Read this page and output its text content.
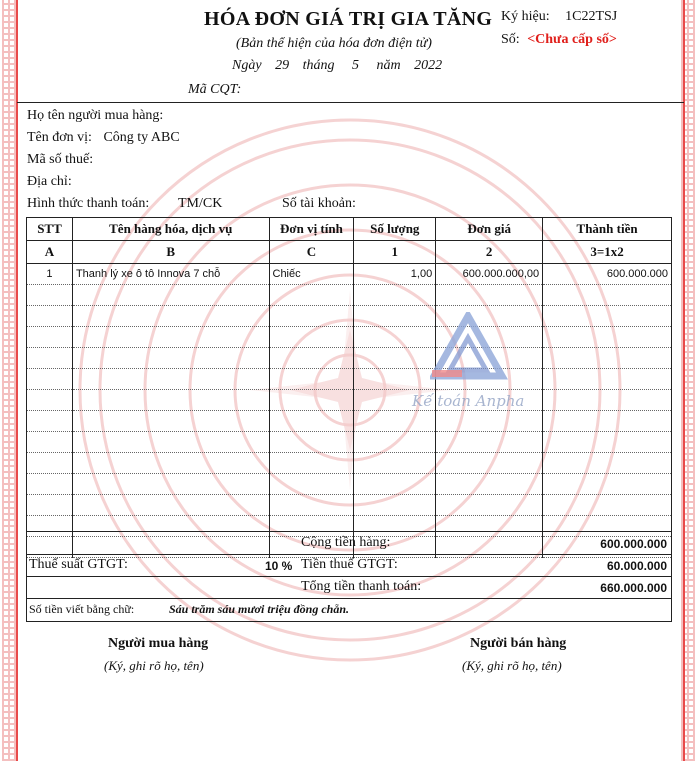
HÓA ĐƠN GIÁ TRỊ GIA TĂNG
(Bản thể hiện của hóa đơn điện tử)
Ngày 29 tháng 5 năm 2022
Mã CQT:
Ký hiệu: 1C22TSJ
Số: <Chưa cấp số>
Họ tên người mua hàng:
Tên đơn vị: Công ty ABC
Mã số thuế:
Địa chỉ:
Hình thức thanh toán: TM/CK	Số tài khoản:
STT	Tên hàng hóa, dịch vụ	Đơn vị tính	Số lượng	Đơn giá	Thành tiền
A	B	C	1	2	3=1x2
1	Thanh lý xe ô tô Innova 7 chỗ	Chiếc	1,00	600.000.000,00	600.000.000

Kế toán Anpha
Cộng tiền hàng:	600.000.000
Thuế suất GTGT:	10 % Tiền thuế GTGT:	60.000.000
Tổng tiền thanh toán:	660.000.000
Số tiền viết bằng chữ:	Sáu trăm sáu mươi triệu đồng chẵn.
Người mua hàng
(Ký, ghi rõ họ, tên)
Người bán hàng
(Ký, ghi rõ họ, tên)
